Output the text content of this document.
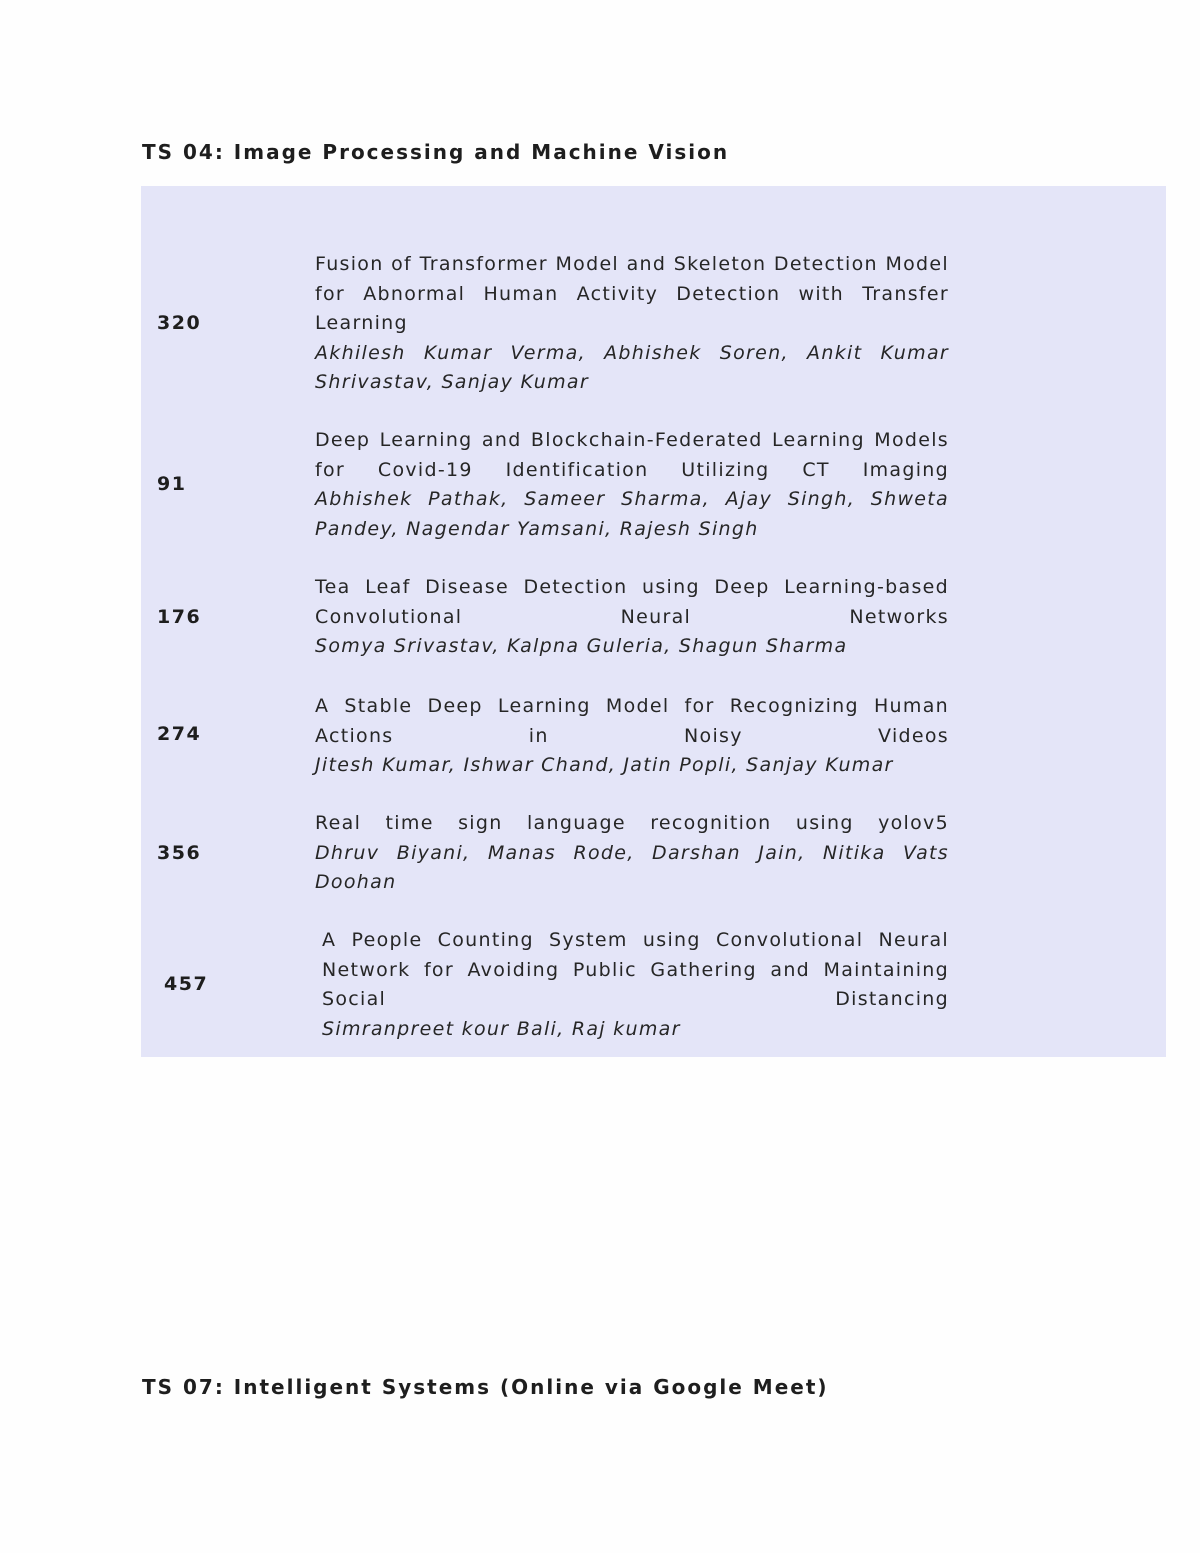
TS 04: Image Processing and Machine Vision
320

Fusion of Transformer Model and Skeleton Detection Model for Abnormal Human Activity Detection with Transfer Learning

Akhilesh Kumar Verma, Abhishek Soren, Ankit Kumar Shrivastav, Sanjay Kumar

91

Deep Learning and Blockchain-Federated Learning Models for Covid-19 Identification Utilizing CT Imaging

Abhishek Pathak, Sameer Sharma, Ajay Singh, Shweta Pandey, Nagendar Yamsani, Rajesh Singh

176

Tea Leaf Disease Detection using Deep Learning-based Convolutional Neural Networks

Somya Srivastav, Kalpna Guleria, Shagun Sharma

274

A Stable Deep Learning Model for Recognizing Human Actions in Noisy Videos

Jitesh Kumar, Ishwar Chand, Jatin Popli, Sanjay Kumar

356

Real time sign language recognition using yolov5

Dhruv Biyani, Manas Rode, Darshan Jain, Nitika Vats Doohan

457

A People Counting System using Convolutional Neural Network for Avoiding Public Gathering and Maintaining Social Distancing

Simranpreet kour Bali, Raj kumar

TS 07: Intelligent Systems (Online via Google Meet)
